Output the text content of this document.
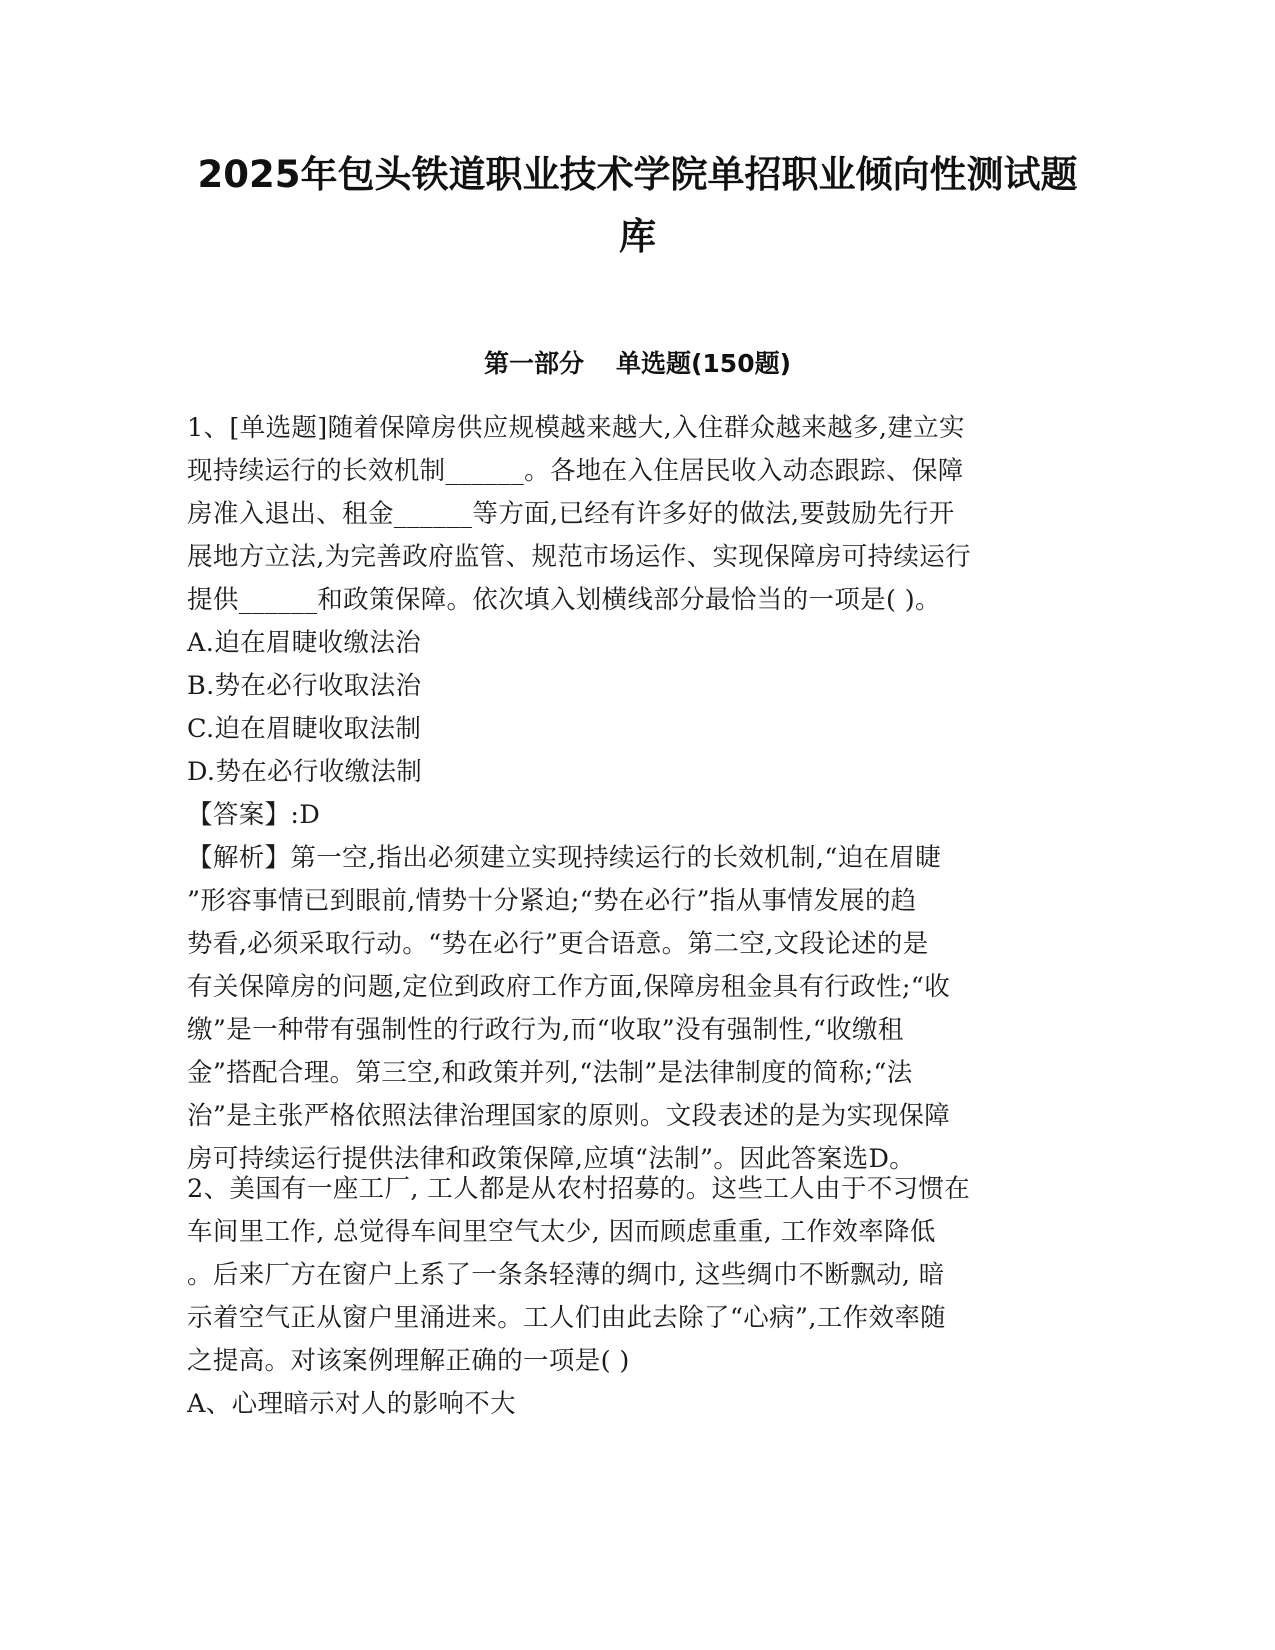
2025年包头铁道职业技术学院单招职业倾向性测试题
库
第一部分 单选题(150题)
1、[单选题]随着保障房供应规模越来越大,入住群众越来越多,建立实
现持续运行的长效机制______。各地在入住居民收入动态跟踪、保障
房准入退出、租金______等方面,已经有许多好的做法,要鼓励先行开
展地方立法,为完善政府监管、规范市场运作、实现保障房可持续运行
提供______和政策保障。依次填入划横线部分最恰当的一项是( )。
A.迫在眉睫收缴法治
B.势在必行收取法治
C.迫在眉睫收取法制
D.势在必行收缴法制
【答案】:D
【解析】第一空,指出必须建立实现持续运行的长效机制,“迫在眉睫
”形容事情已到眼前,情势十分紧迫;“势在必行”指从事情发展的趋
势看,必须采取行动。“势在必行”更合语意。第二空,文段论述的是
有关保障房的问题,定位到政府工作方面,保障房租金具有行政性;“收
缴”是一种带有强制性的行政行为,而“收取”没有强制性,“收缴租
金”搭配合理。第三空,和政策并列,“法制”是法律制度的简称;“法
治”是主张严格依照法律治理国家的原则。文段表述的是为实现保障
房可持续运行提供法律和政策保障,应填“法制”。因此答案选D。
2、美国有一座工厂, 工人都是从农村招募的。这些工人由于不习惯在
车间里工作, 总觉得车间里空气太少, 因而顾虑重重, 工作效率降低
。后来厂方在窗户上系了一条条轻薄的绸巾, 这些绸巾不断飘动, 暗
示着空气正从窗户里涌进来。工人们由此去除了“心病”,工作效率随
之提高。对该案例理解正确的一项是( )
A、心理暗示对人的影响不大
